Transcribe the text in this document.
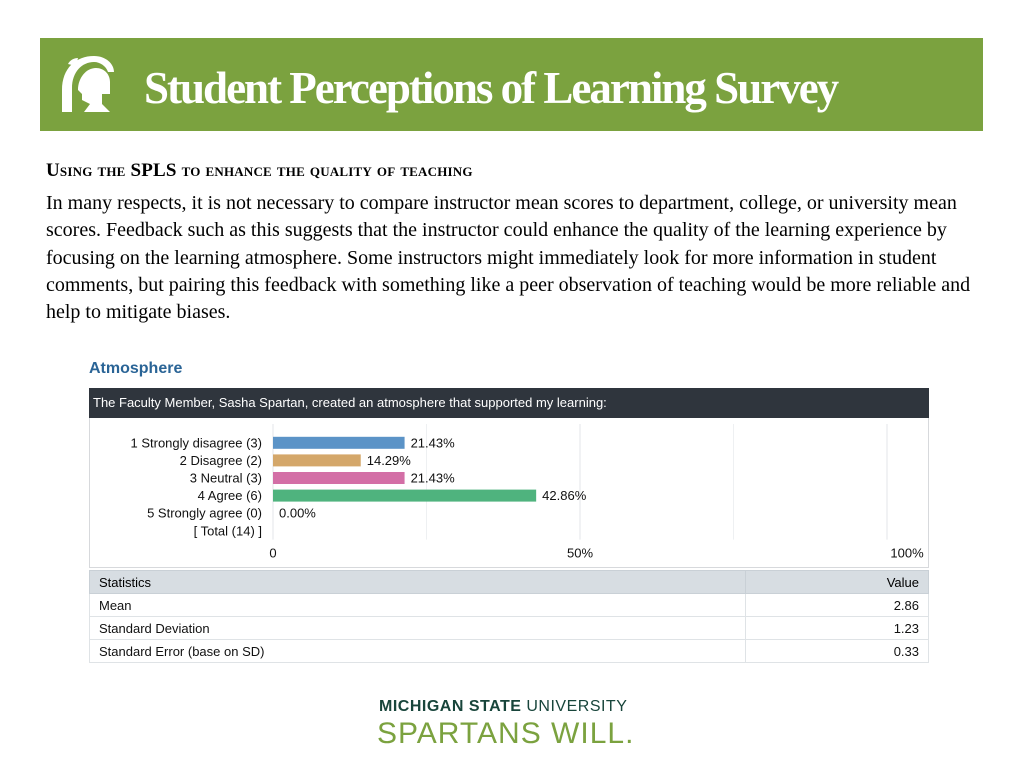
Student Perceptions of Learning Survey
Using the SPLS to enhance the quality of teaching
In many respects, it is not necessary to compare instructor mean scores to department, college, or university mean scores. Feedback such as this suggests that the instructor could enhance the quality of the learning experience by focusing on the learning atmosphere. Some instructors might immediately look for more information in student comments, but pairing this feedback with something like a peer observation of teaching would be more reliable and help to mitigate biases.
Atmosphere
The Faculty Member, Sasha Spartan, created an atmosphere that supported my learning:
1 Strongly disagree (3)	21.43%
2 Disagree (2)	14.29%
3 Neutral (3)	21.43%
4 Agree (6)	42.86%
5 Strongly agree (0) 0.00%
[ Total (14) ]
0	50%	100%
Statistics	Value
Mean	2.86
Standard Deviation	1.23
Standard Error (base on SD)	0.33
MICHIGAN STATE UNIVERSITY
SPARTANS WILL.
